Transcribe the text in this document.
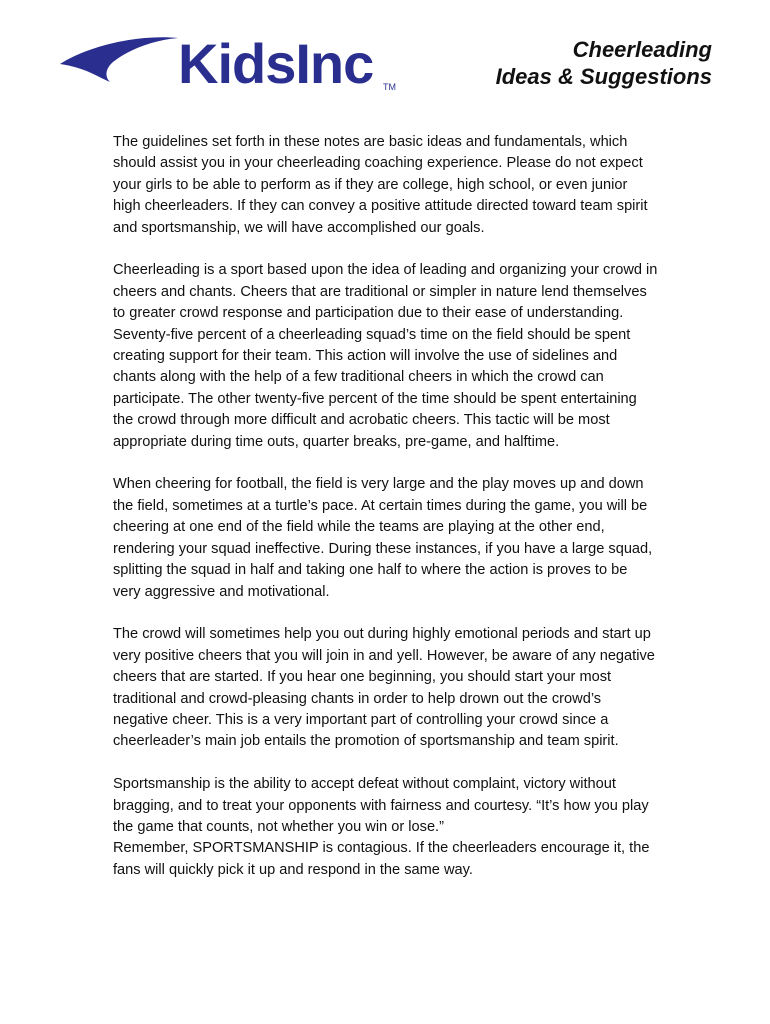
KidsInc TM
Cheerleading
Ideas & Suggestions

The guidelines set forth in these notes are basic ideas and fundamentals, which should assist you in your cheerleading coaching experience. Please do not expect your girls to be able to perform as if they are college, high school, or even junior high cheerleaders. If they can convey a positive attitude directed toward team spirit and sportsmanship, we will have accomplished our goals.

Cheerleading is a sport based upon the idea of leading and organizing your crowd in cheers and chants. Cheers that are traditional or simpler in nature lend themselves to greater crowd response and participation due to their ease of understanding. Seventy-five percent of a cheerleading squad’s time on the field should be spent creating support for their team. This action will involve the use of sidelines and chants along with the help of a few traditional cheers in which the crowd can participate. The other twenty-five percent of the time should be spent entertaining the crowd through more difficult and acrobatic cheers. This tactic will be most appropriate during time outs, quarter breaks, pre-game, and halftime.

When cheering for football, the field is very large and the play moves up and down the field, sometimes at a turtle’s pace. At certain times during the game, you will be cheering at one end of the field while the teams are playing at the other end, rendering your squad ineffective. During these instances, if you have a large squad, splitting the squad in half and taking one half to where the action is proves to be very aggressive and motivational.

The crowd will sometimes help you out during highly emotional periods and start up very positive cheers that you will join in and yell. However, be aware of any negative cheers that are started. If you hear one beginning, you should start your most traditional and crowd-pleasing chants in order to help drown out the crowd’s negative cheer. This is a very important part of controlling your crowd since a cheerleader’s main job entails the promotion of sportsmanship and team spirit.

Sportsmanship is the ability to accept defeat without complaint, victory without bragging, and to treat your opponents with fairness and courtesy. “It’s how you play the game that counts, not whether you win or lose.”

Remember, SPORTSMANSHIP is contagious. If the cheerleaders encourage it, the fans will quickly pick it up and respond in the same way.
